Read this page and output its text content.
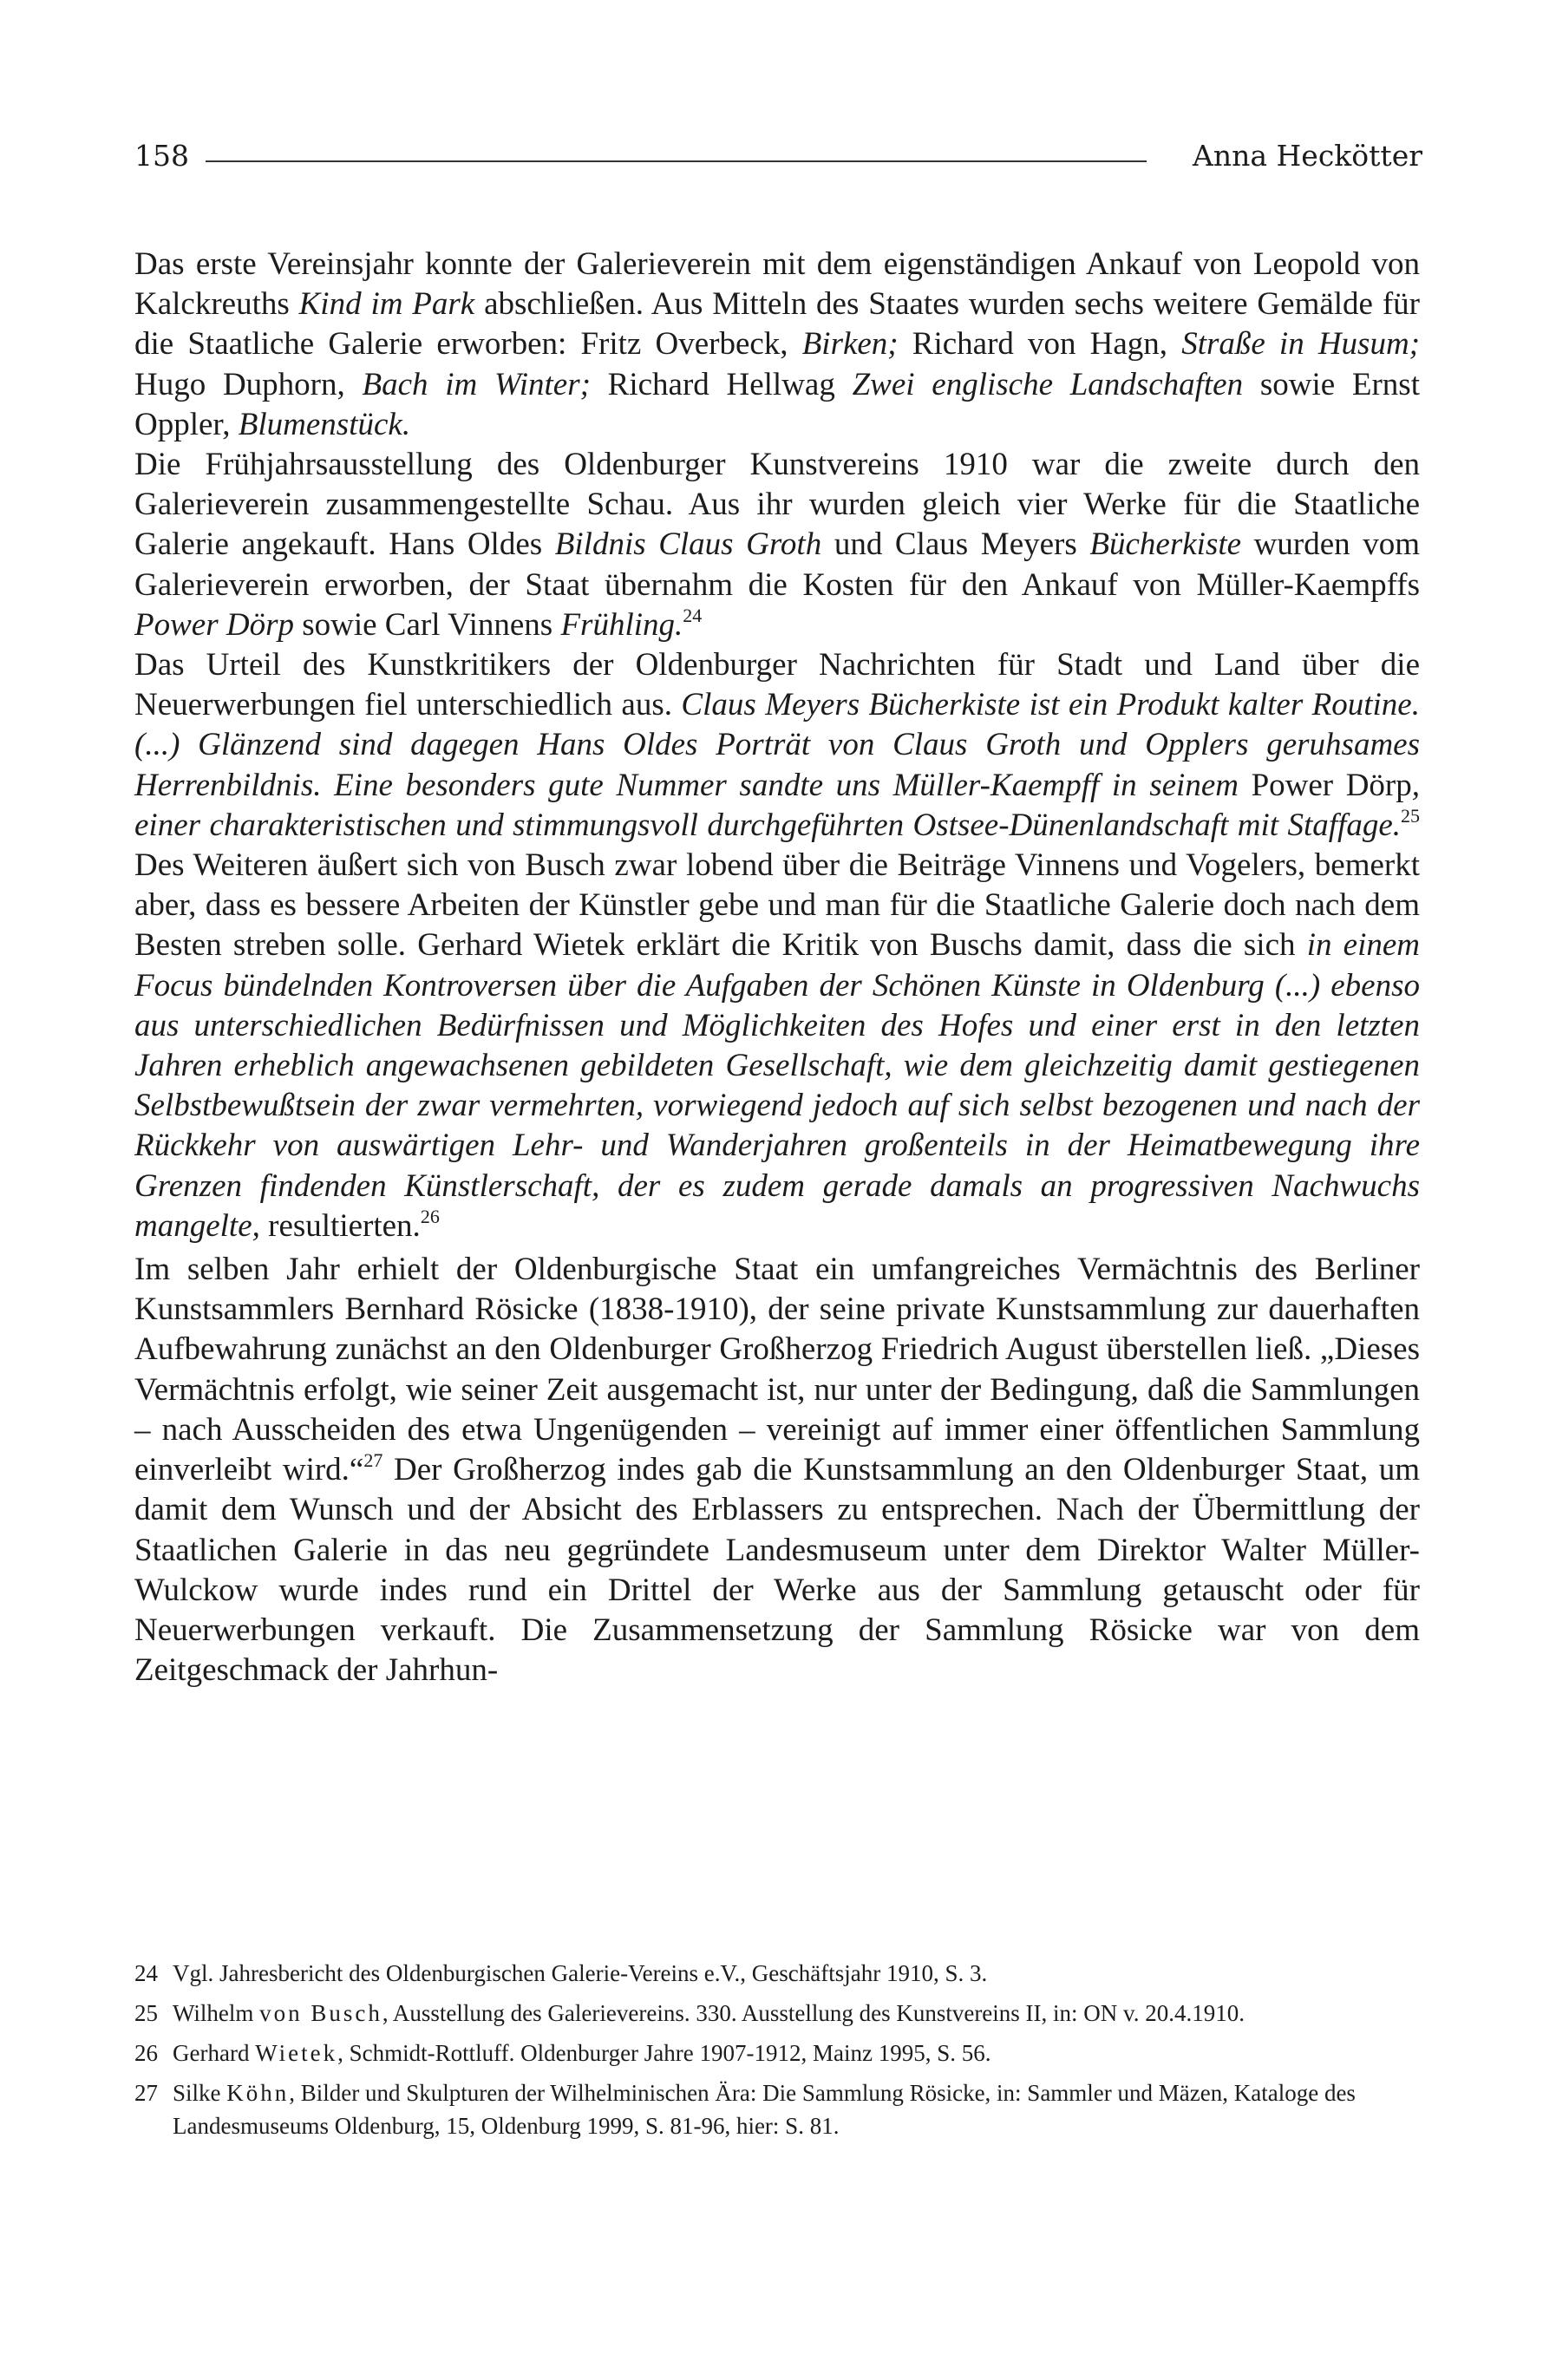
158	Anna Heckötter

Das erste Vereinsjahr konnte der Galerieverein mit dem eigenständigen Ankauf von Leopold von Kalckreuths Kind im Park abschließen. Aus Mitteln des Staates wurden sechs weitere Gemälde für die Staatliche Galerie erworben: Fritz Overbeck, Birken; Richard von Hagn, Straße in Husum; Hugo Duphorn, Bach im Winter; Richard Hellwag Zwei englische Landschaften sowie Ernst Oppler, Blumenstück.

Die Frühjahrsausstellung des Oldenburger Kunstvereins 1910 war die zweite durch den Galerieverein zusammengestellte Schau. Aus ihr wurden gleich vier Werke für die Staatliche Galerie angekauft. Hans Oldes Bildnis Claus Groth und Claus Meyers Bücherkiste wurden vom Galerieverein erworben, der Staat übernahm die Kosten für den Ankauf von Müller-Kaempffs Power Dörp sowie Carl Vinnens Frühling.$^{24}$

Das Urteil des Kunstkritikers der Oldenburger Nachrichten für Stadt und Land über die Neuerwerbungen fiel unterschiedlich aus. Claus Meyers Bücherkiste ist ein Produkt kalter Routine. (...) Glänzend sind dagegen Hans Oldes Porträt von Claus Groth und Opplers geruhsames Herrenbildnis. Eine besonders gute Nummer sandte uns Müller-Kaempff in seinem Power Dörp, einer charakteristischen und stimmungsvoll durchgeführten Ostsee-Dünenlandschaft mit Staffage.$^{25}$ Des Weiteren äußert sich von Busch zwar lobend über die Beiträge Vinnens und Vogelers, bemerkt aber, dass es bessere Arbeiten der Künstler gebe und man für die Staatliche Galerie doch nach dem Besten streben solle. Gerhard Wietek erklärt die Kritik von Buschs damit, dass die sich in einem Focus bündelnden Kontroversen über die Aufgaben der Schönen Künste in Oldenburg (...) ebenso aus unterschiedlichen Bedürfnissen und Möglichkeiten des Hofes und einer erst in den letzten Jahren erheblich angewachsenen gebildeten Gesellschaft, wie dem gleichzeitig damit gestiegenen Selbstbewußtsein der zwar vermehrten, vorwiegend jedoch auf sich selbst bezogenen und nach der Rückkehr von auswärtigen Lehr- und Wanderjahren großenteils in der Heimatbewegung ihre Grenzen findenden Künstlerschaft, der es zudem gerade damals an progressiven Nachwuchs mangelte, resultierten.$^{26}$

Im selben Jahr erhielt der Oldenburgische Staat ein umfangreiches Vermächtnis des Berliner Kunstsammlers Bernhard Rösicke (1838-1910), der seine private Kunstsammlung zur dauerhaften Aufbewahrung zunächst an den Oldenburger Großherzog Friedrich August überstellen ließ. „Dieses Vermächtnis erfolgt, wie seiner Zeit ausgemacht ist, nur unter der Bedingung, daß die Sammlungen – nach Ausscheiden des etwa Ungenügenden – vereinigt auf immer einer öffentlichen Sammlung einverleibt wird.“$^{27}$ Der Großherzog indes gab die Kunstsammlung an den Oldenburger Staat, um damit dem Wunsch und der Absicht des Erblassers zu entsprechen. Nach der Übermittlung der Staatlichen Galerie in das neu gegründete Landesmuseum unter dem Direktor Walter Müller-Wulckow wurde indes rund ein Drittel der Werke aus der Sammlung getauscht oder für Neuerwerbungen verkauft. Die Zusammensetzung der Sammlung Rösicke war von dem Zeitgeschmack der Jahrhun-

24 Vgl. Jahresbericht des Oldenburgischen Galerie-Vereins e.V., Geschäftsjahr 1910, S. 3.
25 Wilhelm von Busch, Ausstellung des Galerievereins. 330. Ausstellung des Kunstvereins II, in: ON v. 20.4.1910.
26 Gerhard Wietek, Schmidt-Rottluff. Oldenburger Jahre 1907-1912, Mainz 1995, S. 56.
27 Silke Köhn, Bilder und Skulpturen der Wilhelminischen Ära: Die Sammlung Rösicke, in: Sammler und Mäzen, Kataloge des Landesmuseums Oldenburg, 15, Oldenburg 1999, S. 81-96, hier: S. 81.
